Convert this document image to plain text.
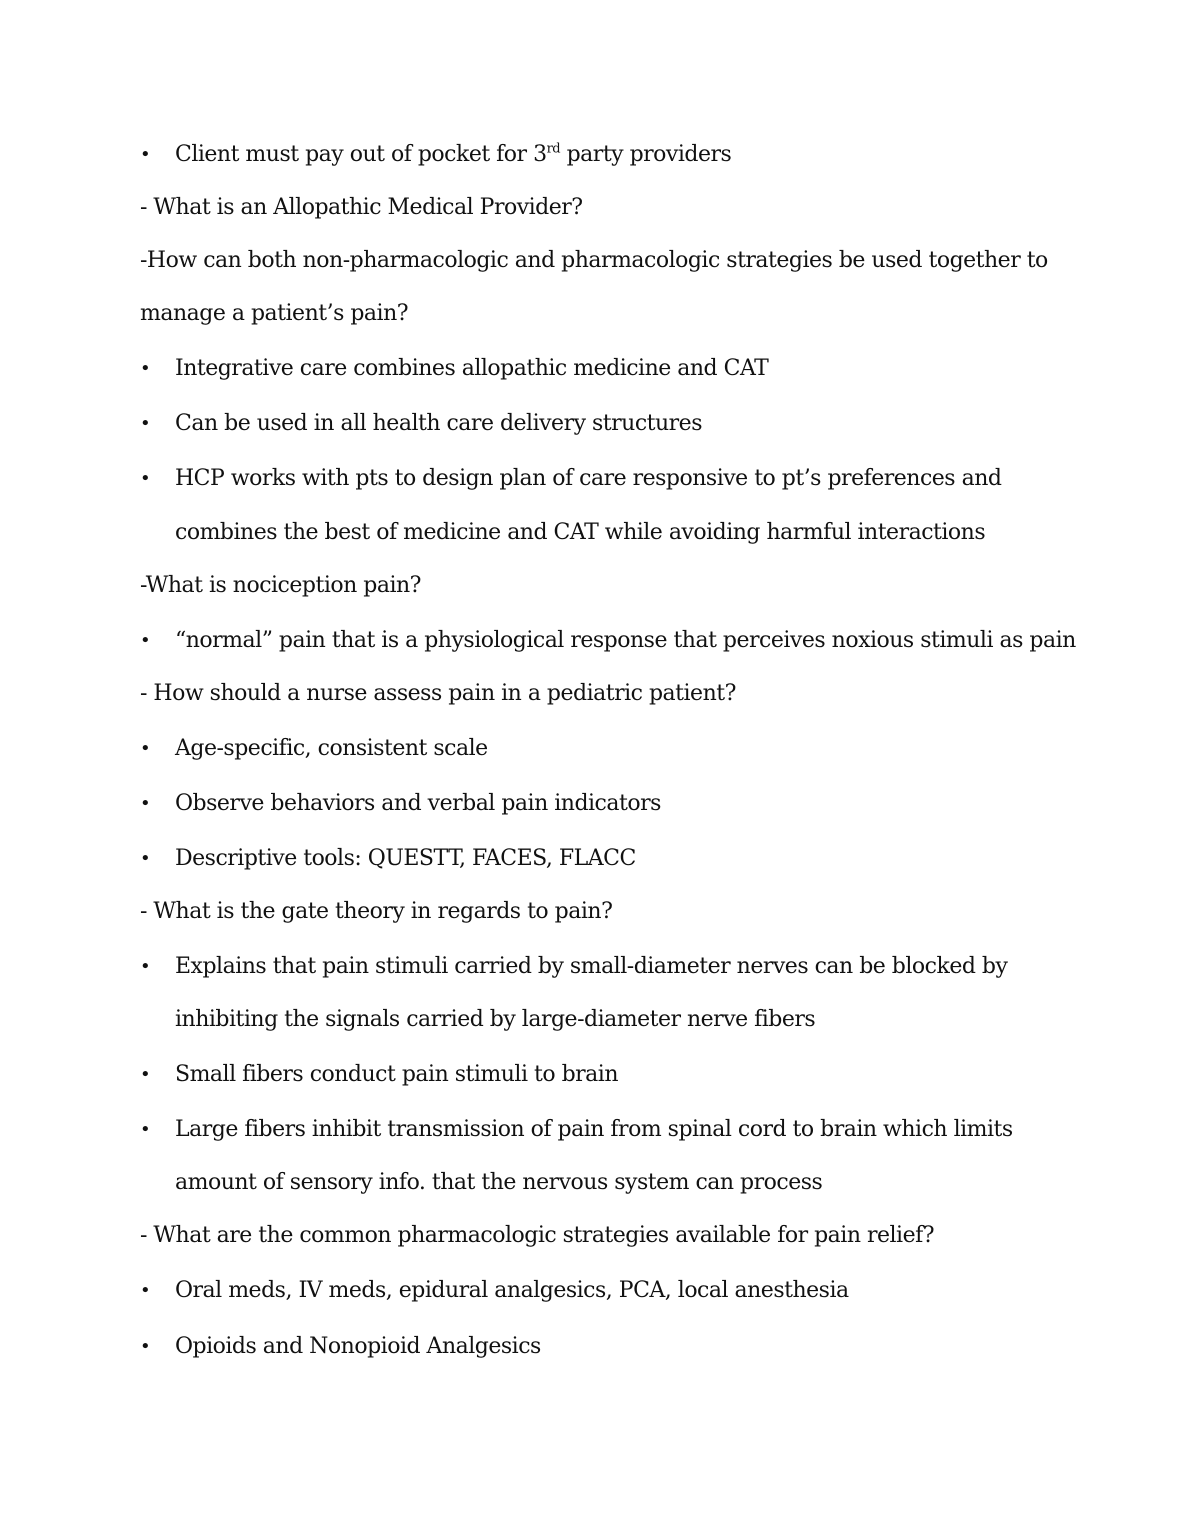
• Client must pay out of pocket for 3rd party providers
- What is an Allopathic Medical Provider?
-How can both non-pharmacologic and pharmacologic strategies be used together to
manage a patient’s pain?
• Integrative care combines allopathic medicine and CAT
• Can be used in all health care delivery structures
• HCP works with pts to design plan of care responsive to pt’s preferences and
combines the best of medicine and CAT while avoiding harmful interactions
-What is nociception pain?
• “normal” pain that is a physiological response that perceives noxious stimuli as pain
- How should a nurse assess pain in a pediatric patient?
• Age-specific, consistent scale
• Observe behaviors and verbal pain indicators
• Descriptive tools: QUESTT, FACES, FLACC
- What is the gate theory in regards to pain?
• Explains that pain stimuli carried by small-diameter nerves can be blocked by
inhibiting the signals carried by large-diameter nerve fibers
• Small fibers conduct pain stimuli to brain
• Large fibers inhibit transmission of pain from spinal cord to brain which limits
amount of sensory info. that the nervous system can process
- What are the common pharmacologic strategies available for pain relief?
• Oral meds, IV meds, epidural analgesics, PCA, local anesthesia
• Opioids and Nonopioid Analgesics
